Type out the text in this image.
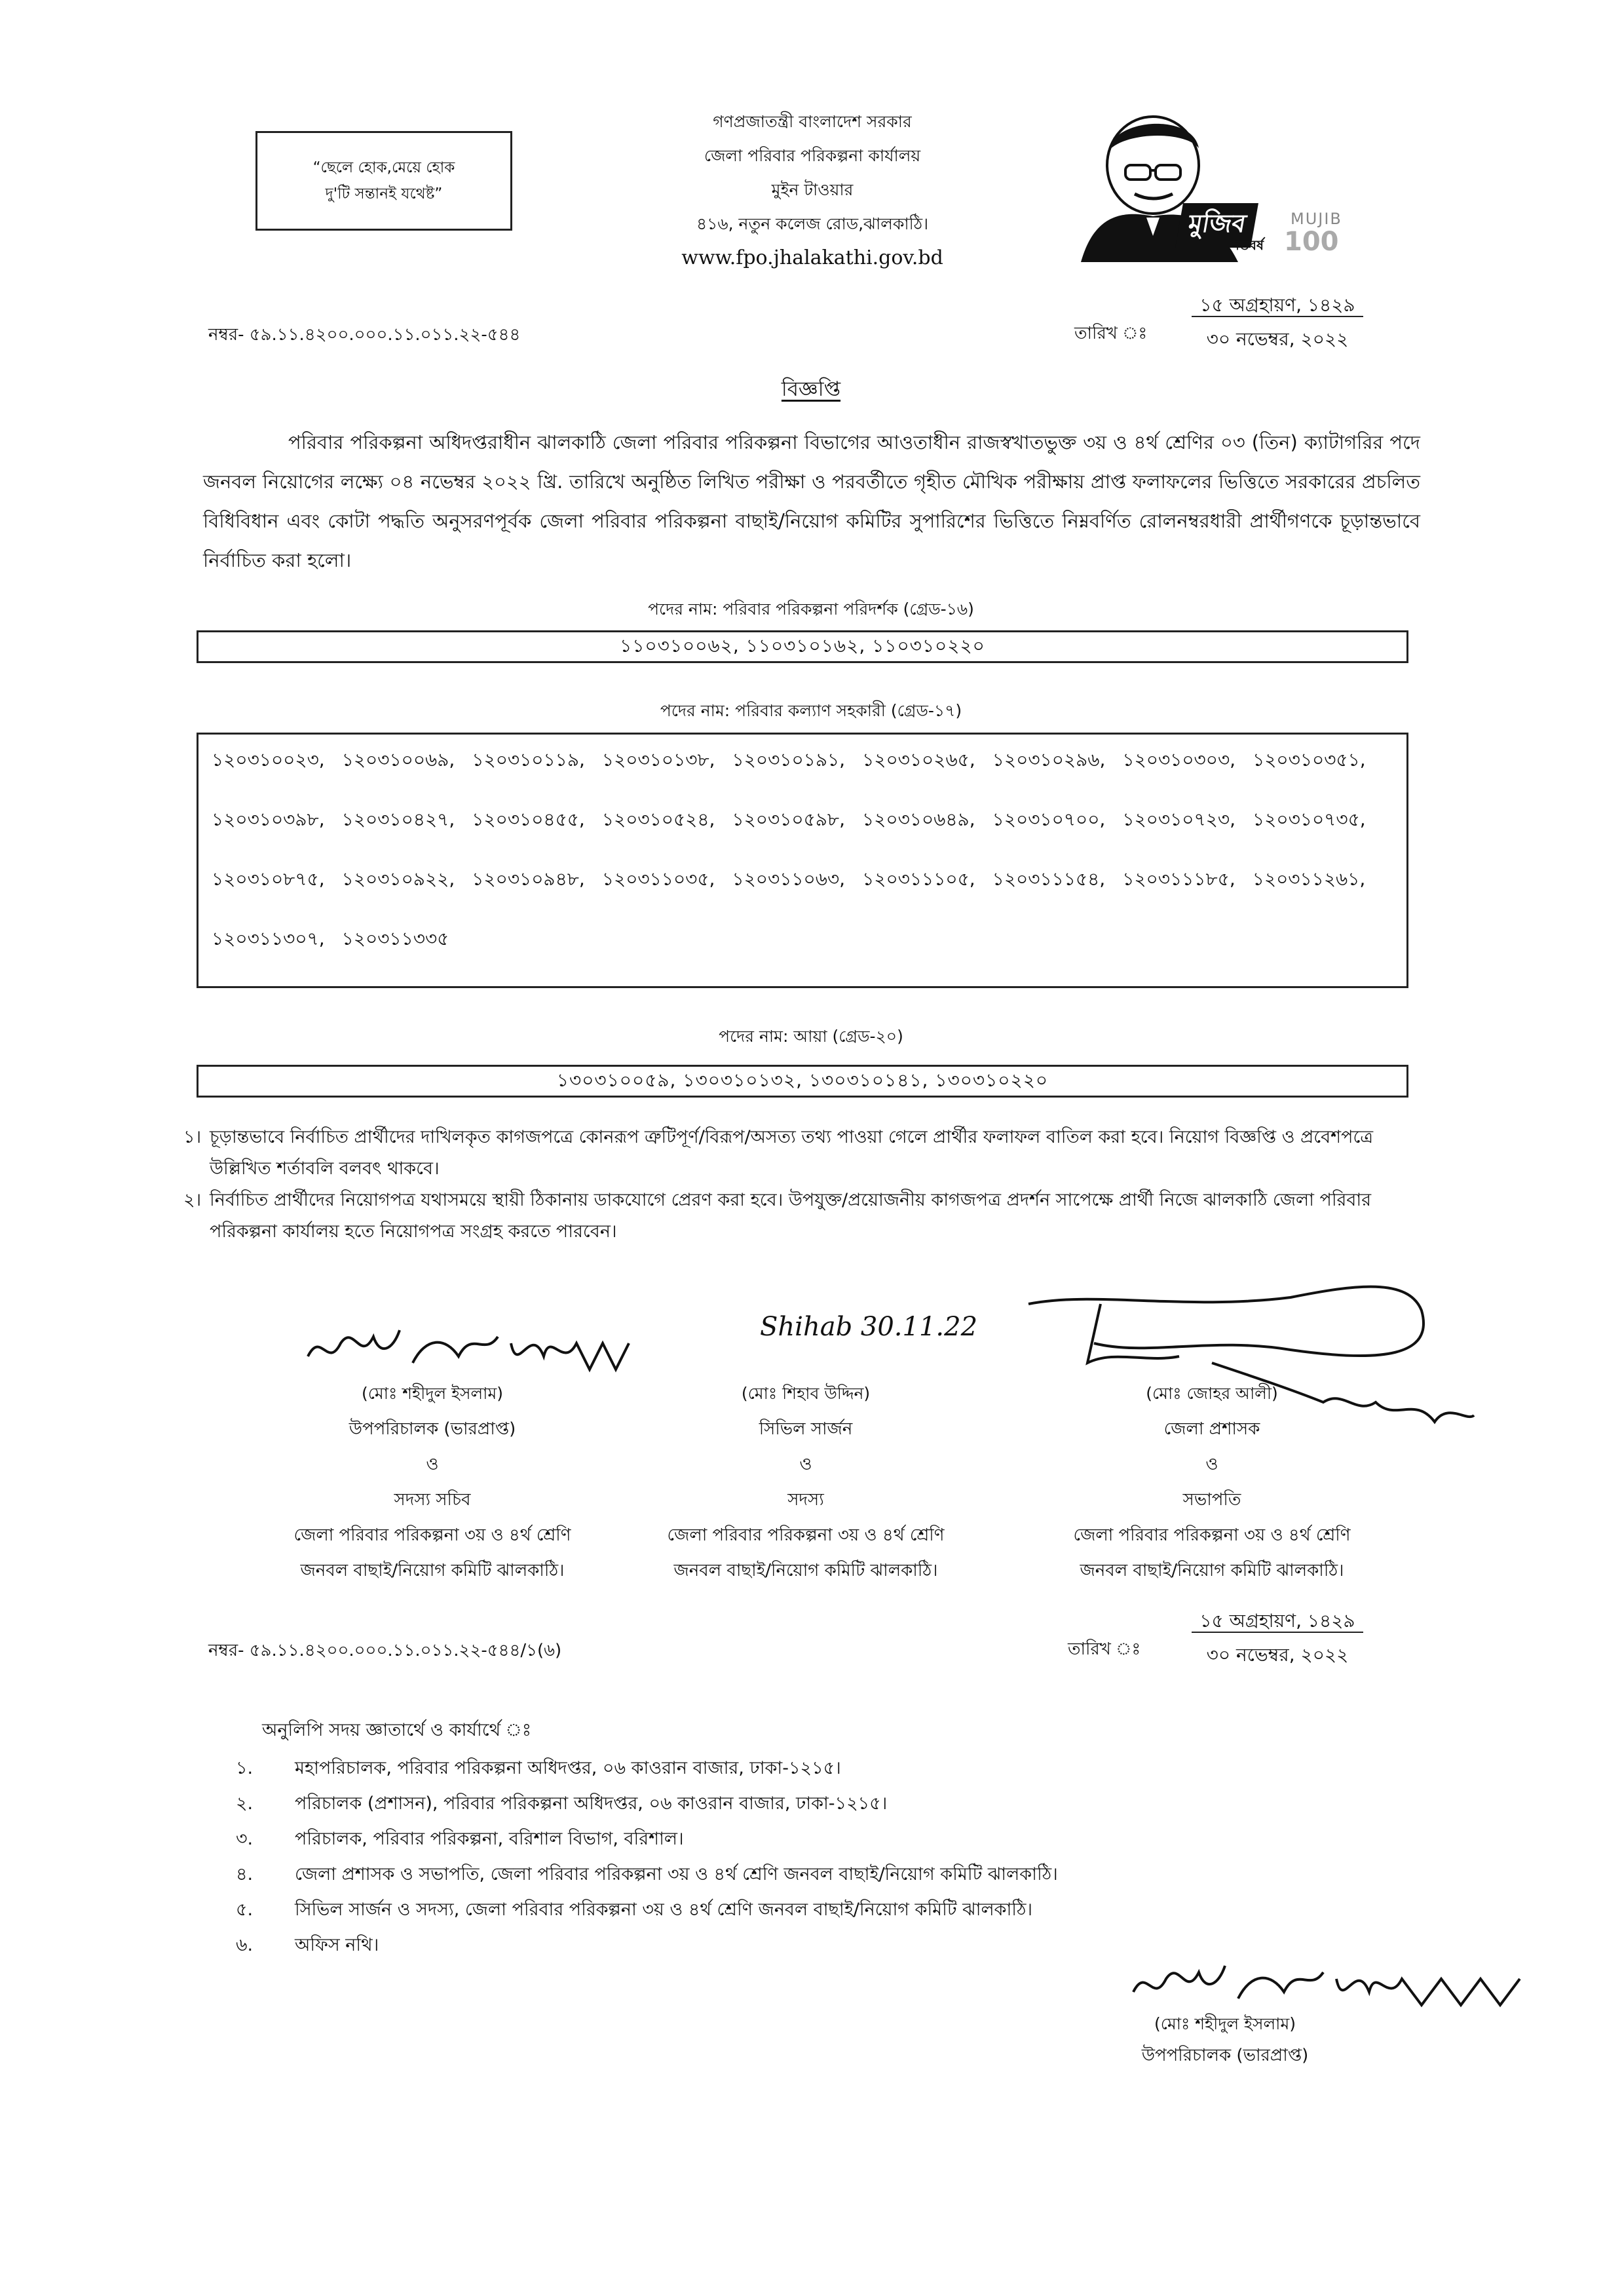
“ছেলে হোক,মেয়ে হোক
দু'টি সন্তানই যথেষ্ট”
গণপ্রজাতন্ত্রী বাংলাদেশ সরকার
জেলা পরিবার পরিকল্পনা কার্যালয়
মুইন টাওয়ার
৪১৬, নতুন কলেজ রোড,ঝালকাঠি।
www.fpo.jhalakathi.gov.bd
মুজিব
শতবর্ষ
MUJIB
100
নম্বর- ৫৯.১১.৪২০০.০০০.১১.০১১.২২-৫৪৪	তারিখ ঃ
১৫ অগ্রহায়ণ, ১৪২৯
৩০ নভেম্বর, ২০২২
বিজ্ঞপ্তি
পরিবার পরিকল্পনা অধিদপ্তরাধীন ঝালকাঠি জেলা পরিবার পরিকল্পনা বিভাগের আওতাধীন রাজস্বখাতভুক্ত ৩য় ও ৪র্থ শ্রেণির ০৩ (তিন) ক্যাটাগরির পদে জনবল নিয়োগের লক্ষ্যে ০৪ নভেম্বর ২০২২ খ্রি. তারিখে অনুষ্ঠিত লিখিত পরীক্ষা ও পরবর্তীতে গৃহীত মৌখিক পরীক্ষায় প্রাপ্ত ফলাফলের ভিত্তিতে সরকারের প্রচলিত বিধিবিধান এবং কোটা পদ্ধতি অনুসরণপূর্বক জেলা পরিবার পরিকল্পনা বাছাই/নিয়োগ কমিটির সুপারিশের ভিত্তিতে নিম্নবর্ণিত রোলনম্বরধারী প্রার্থীগণকে চূড়ান্তভাবে নির্বাচিত করা হলো।
পদের নাম: পরিবার পরিকল্পনা পরিদর্শক (গ্রেড-১৬)
১১০৩১০০৬২, ১১০৩১০১৬২, ১১০৩১০২২০
পদের নাম: পরিবার কল্যাণ সহকারী (গ্রেড-১৭)
১২০৩১০০২৩, ১২০৩১০০৬৯, ১২০৩১০১১৯, ১২০৩১০১৩৮, ১২০৩১০১৯১, ১২০৩১০২৬৫, ১২০৩১০২৯৬, ১২০৩১০৩০৩, ১২০৩১০৩৫১,
১২০৩১০৩৯৮, ১২০৩১০৪২৭, ১২০৩১০৪৫৫, ১২০৩১০৫২৪, ১২০৩১০৫৯৮, ১২০৩১০৬৪৯, ১২০৩১০৭০০, ১২০৩১০৭২৩, ১২০৩১০৭৩৫,
১২০৩১০৮৭৫, ১২০৩১০৯২২, ১২০৩১০৯৪৮, ১২০৩১১০৩৫, ১২০৩১১০৬৩, ১২০৩১১১০৫, ১২০৩১১১৫৪, ১২০৩১১১৮৫, ১২০৩১১২৬১,
১২০৩১১৩০৭, ১২০৩১১৩৩৫
পদের নাম: আয়া (গ্রেড-২০)
১৩০৩১০০৫৯, ১৩০৩১০১৩২, ১৩০৩১০১৪১, ১৩০৩১০২২০
১। চূড়ান্তভাবে নির্বাচিত প্রার্থীদের দাখিলকৃত কাগজপত্রে কোনরূপ ত্রুটিপূর্ণ/বিরূপ/অসত্য তথ্য পাওয়া গেলে প্রার্থীর ফলাফল বাতিল করা হবে। নিয়োগ বিজ্ঞপ্তি ও প্রবেশপত্রে উল্লিখিত শর্তাবলি বলবৎ থাকবে।
২। নির্বাচিত প্রার্থীদের নিয়োগপত্র যথাসময়ে স্থায়ী ঠিকানায় ডাকযোগে প্রেরণ করা হবে। উপযুক্ত/প্রয়োজনীয় কাগজপত্র প্রদর্শন সাপেক্ষে প্রার্থী নিজে ঝালকাঠি জেলা পরিবার পরিকল্পনা কার্যালয় হতে নিয়োগপত্র সংগ্রহ করতে পারবেন।
Shihab 30.11.22
(মোঃ শহীদুল ইসলাম)
উপপরিচালক (ভারপ্রাপ্ত)
ও
সদস্য সচিব
জেলা পরিবার পরিকল্পনা ৩য় ও ৪র্থ শ্রেণি
জনবল বাছাই/নিয়োগ কমিটি ঝালকাঠি।
(মোঃ শিহাব উদ্দিন)
সিভিল সার্জন
ও
সদস্য
জেলা পরিবার পরিকল্পনা ৩য় ও ৪র্থ শ্রেণি
জনবল বাছাই/নিয়োগ কমিটি ঝালকাঠি।
(মোঃ জোহর আলী)
জেলা প্রশাসক
ও
সভাপতি
জেলা পরিবার পরিকল্পনা ৩য় ও ৪র্থ শ্রেণি
জনবল বাছাই/নিয়োগ কমিটি ঝালকাঠি।
নম্বর- ৫৯.১১.৪২০০.০০০.১১.০১১.২২-৫৪৪/১(৬)	তারিখ ঃ
১৫ অগ্রহায়ণ, ১৪২৯
৩০ নভেম্বর, ২০২২
অনুলিপি সদয় জ্ঞাতার্থে ও কার্যার্থে ঃ
১.	মহাপরিচালক, পরিবার পরিকল্পনা অধিদপ্তর, ০৬ কাওরান বাজার, ঢাকা-১২১৫।
২.	পরিচালক (প্রশাসন), পরিবার পরিকল্পনা অধিদপ্তর, ০৬ কাওরান বাজার, ঢাকা-১২১৫।
৩.	পরিচালক, পরিবার পরিকল্পনা, বরিশাল বিভাগ, বরিশাল।
৪.	জেলা প্রশাসক ও সভাপতি, জেলা পরিবার পরিকল্পনা ৩য় ও ৪র্থ শ্রেণি জনবল বাছাই/নিয়োগ কমিটি ঝালকাঠি।
৫.	সিভিল সার্জন ও সদস্য, জেলা পরিবার পরিকল্পনা ৩য় ও ৪র্থ শ্রেণি জনবল বাছাই/নিয়োগ কমিটি ঝালকাঠি।
৬.	অফিস নথি।
(মোঃ শহীদুল ইসলাম)
উপপরিচালক (ভারপ্রাপ্ত)
